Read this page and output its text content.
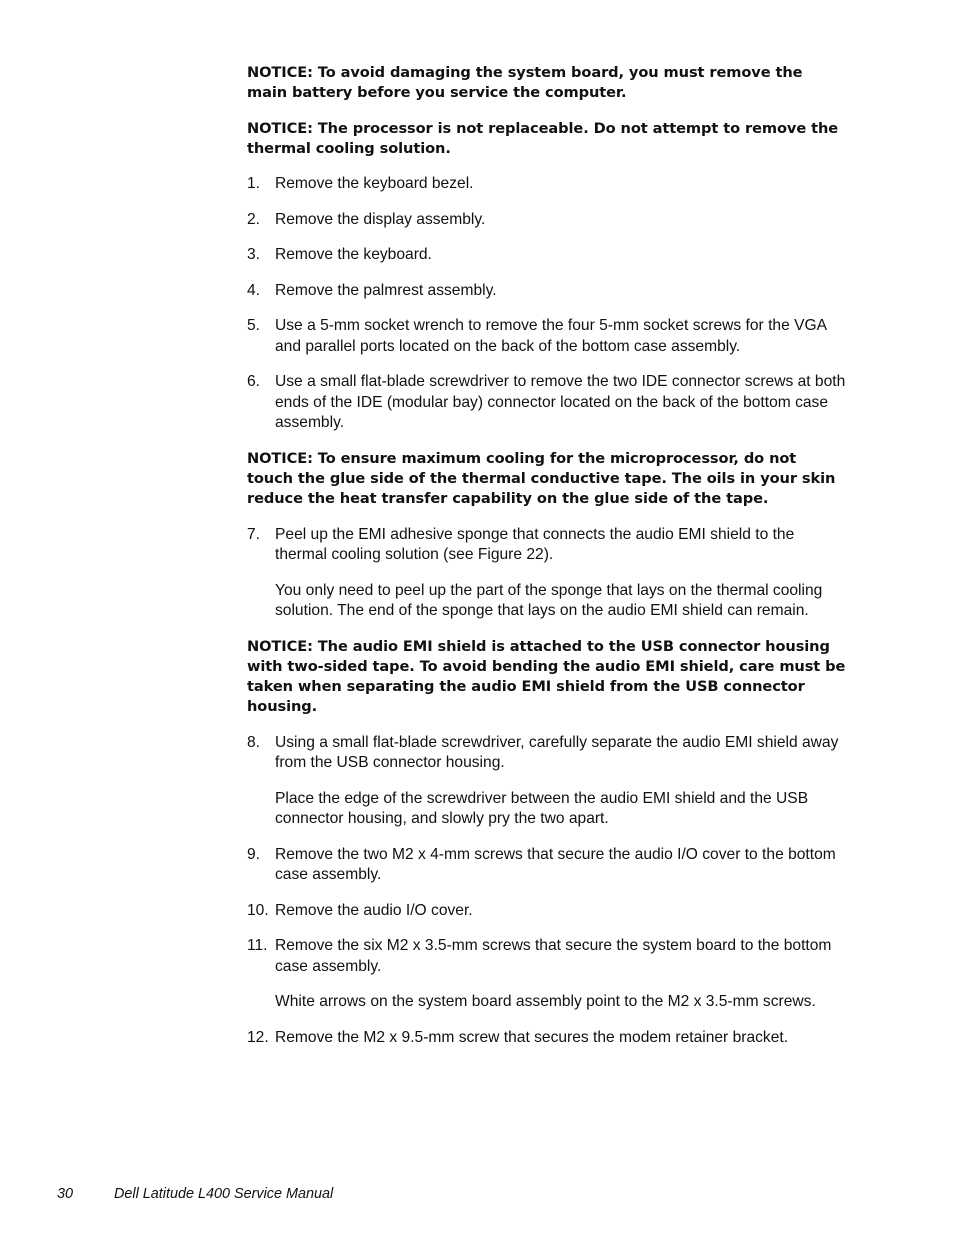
NOTICE: To avoid damaging the system board, you must remove the main battery before you service the computer.

NOTICE: The processor is not replaceable. Do not attempt to remove the thermal cooling solution.

1. Remove the keyboard bezel.

2. Remove the display assembly.

3. Remove the keyboard.

4. Remove the palmrest assembly.

5. Use a 5-mm socket wrench to remove the four 5-mm socket screws for the VGA and parallel ports located on the back of the bottom case assembly.

6. Use a small flat-blade screwdriver to remove the two IDE connector screws at both ends of the IDE (modular bay) connector located on the back of the bottom case assembly.

NOTICE: To ensure maximum cooling for the microprocessor, do not touch the glue side of the thermal conductive tape. The oils in your skin reduce the heat transfer capability on the glue side of the tape.

7. Peel up the EMI adhesive sponge that connects the audio EMI shield to the thermal cooling solution (see Figure 22).

You only need to peel up the part of the sponge that lays on the thermal cooling solution. The end of the sponge that lays on the audio EMI shield can remain.

NOTICE: The audio EMI shield is attached to the USB connector housing with two-sided tape. To avoid bending the audio EMI shield, care must be taken when separating the audio EMI shield from the USB connector housing.

8. Using a small flat-blade screwdriver, carefully separate the audio EMI shield away from the USB connector housing.

Place the edge of the screwdriver between the audio EMI shield and the USB connector housing, and slowly pry the two apart.

9. Remove the two M2 x 4-mm screws that secure the audio I/O cover to the bottom case assembly.

10. Remove the audio I/O cover.

11. Remove the six M2 x 3.5-mm screws that secure the system board to the bottom case assembly.

White arrows on the system board assembly point to the M2 x 3.5-mm screws.

12. Remove the M2 x 9.5-mm screw that secures the modem retainer bracket.

30	Dell Latitude L400 Service Manual
